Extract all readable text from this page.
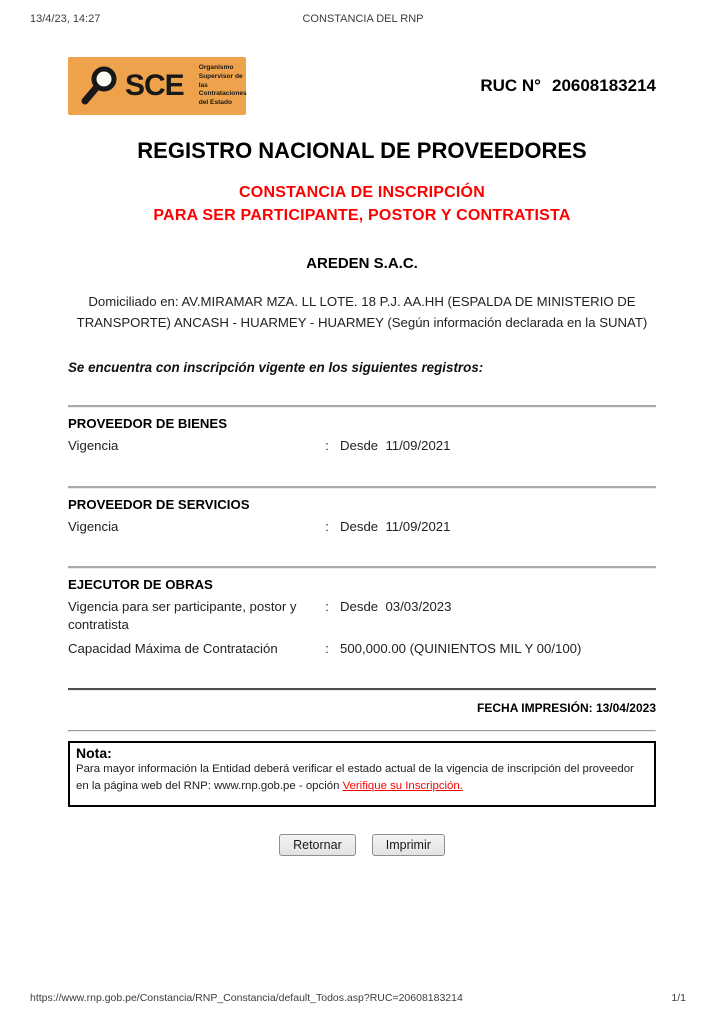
13/4/23, 14:27	CONSTANCIA DEL RNP
SCE
Organismo
Supervisor de las
Contrataciones
del Estado
RUC N° 20608183214
REGISTRO NACIONAL DE PROVEEDORES
CONSTANCIA DE INSCRIPCIÓN
PARA SER PARTICIPANTE, POSTOR Y CONTRATISTA
AREDEN S.A.C.

Domiciliado en: AV.MIRAMAR MZA. LL LOTE. 18 P.J. AA.HH (ESPALDA DE MINISTERIO DE TRANSPORTE) ANCASH - HUARMEY - HUARMEY (Según información declarada en la SUNAT)

Se encuentra con inscripción vigente en los siguientes registros:

PROVEEDOR DE BIENES
Vigencia	: Desde  11/09/2021
PROVEEDOR DE SERVICIOS
Vigencia	: Desde  11/09/2021
EJECUTOR DE OBRAS
Vigencia para ser participante, postor y contratista
: Desde  03/03/2023
Capacidad Máxima de Contratación	: 500,000.00 (QUINIENTOS MIL Y 00/100)
FECHA IMPRESIÓN: 13/04/2023
Nota:

Para mayor información la Entidad deberá verificar el estado actual de la vigencia de inscripción del proveedor en la página web del RNP: www.rnp.gob.pe - opción Verifique su Inscripción.

Retornar	Imprimir
https://www.rnp.gob.pe/Constancia/RNP_Constancia/default_Todos.asp?RUC=20608183214	1/1
